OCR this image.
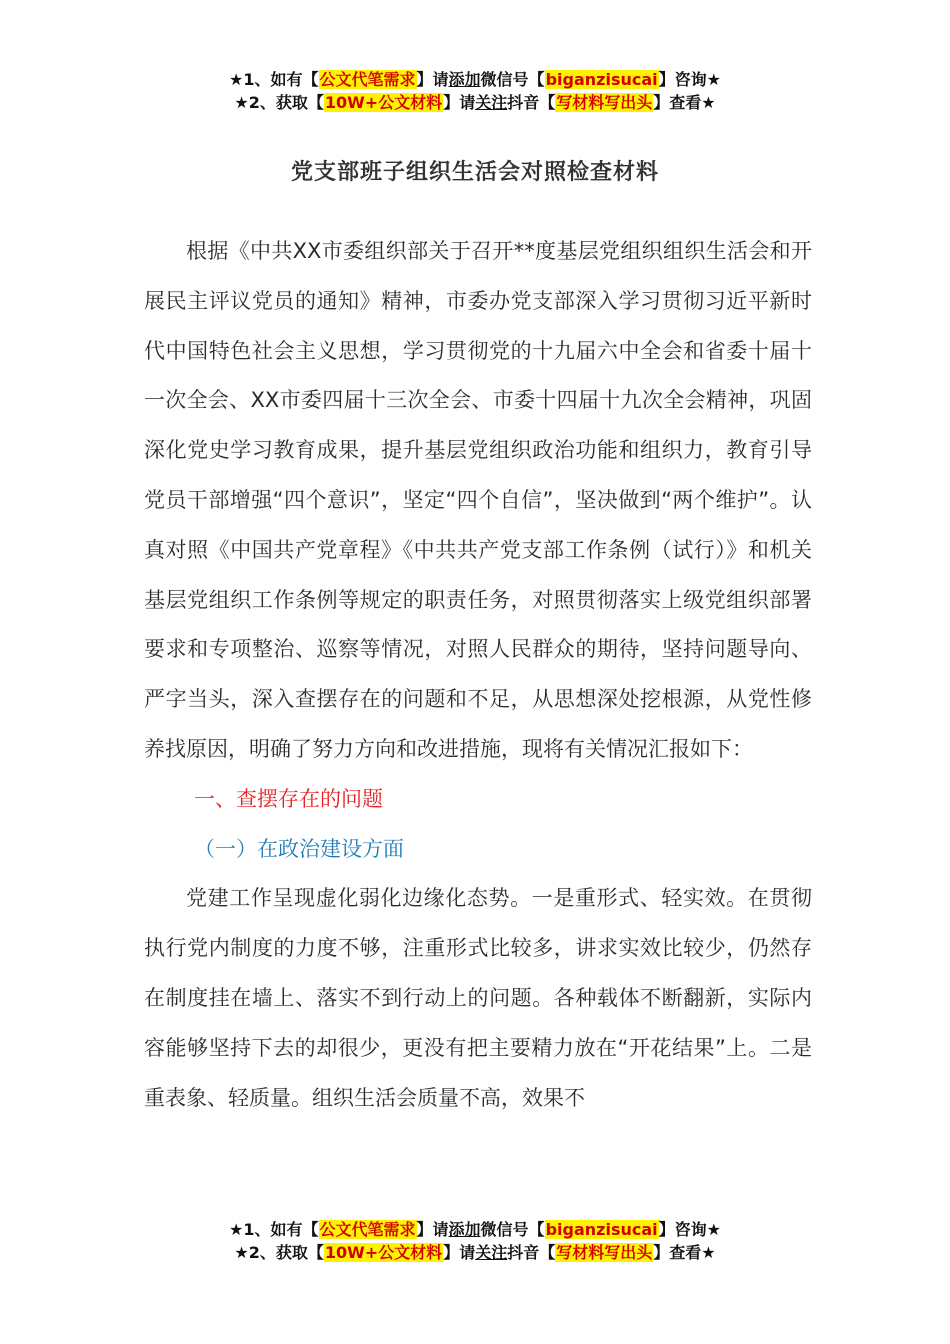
★1、如有【公文代笔需求】请添加微信号【biganzisucai】咨询★
★2、获取【10W+公文材料】请关注抖音【写材料写出头】查看★
党支部班子组织生活会对照检查材料

根据《中共XX市委组织部关于召开**度基层党组织组织生活会和开展民主评议党员的通知》精神，市委办党支部深入学习贯彻习近平新时代中国特色社会主义思想，学习贯彻党的十九届六中全会和省委十届十一次全会、XX市委四届十三次全会、市委十四届十九次全会精神，巩固深化党史学习教育成果，提升基层党组织政治功能和组织力，教育引导党员干部增强“四个意识”，坚定“四个自信”，坚决做到“两个维护”。认真对照《中国共产党章程》《中共共产党支部工作条例（试行）》和机关基层党组织工作条例等规定的职责任务，对照贯彻落实上级党组织部署要求和专项整治、巡察等情况，对照人民群众的期待，坚持问题导向、严字当头，深入查摆存在的问题和不足，从思想深处挖根源，从党性修养找原因，明确了努力方向和改进措施，现将有关情况汇报如下：

一、查摆存在的问题

（一）在政治建设方面

党建工作呈现虚化弱化边缘化态势。一是重形式、轻实效。在贯彻执行党内制度的力度不够，注重形式比较多，讲求实效比较少，仍然存在制度挂在墙上、落实不到行动上的问题。各种载体不断翻新，实际内容能够坚持下去的却很少，更没有把主要精力放在“开花结果”上。二是重表象、轻质量。组织生活会质量不高，效果不

★1、如有【公文代笔需求】请添加微信号【biganzisucai】咨询★
★2、获取【10W+公文材料】请关注抖音【写材料写出头】查看★
